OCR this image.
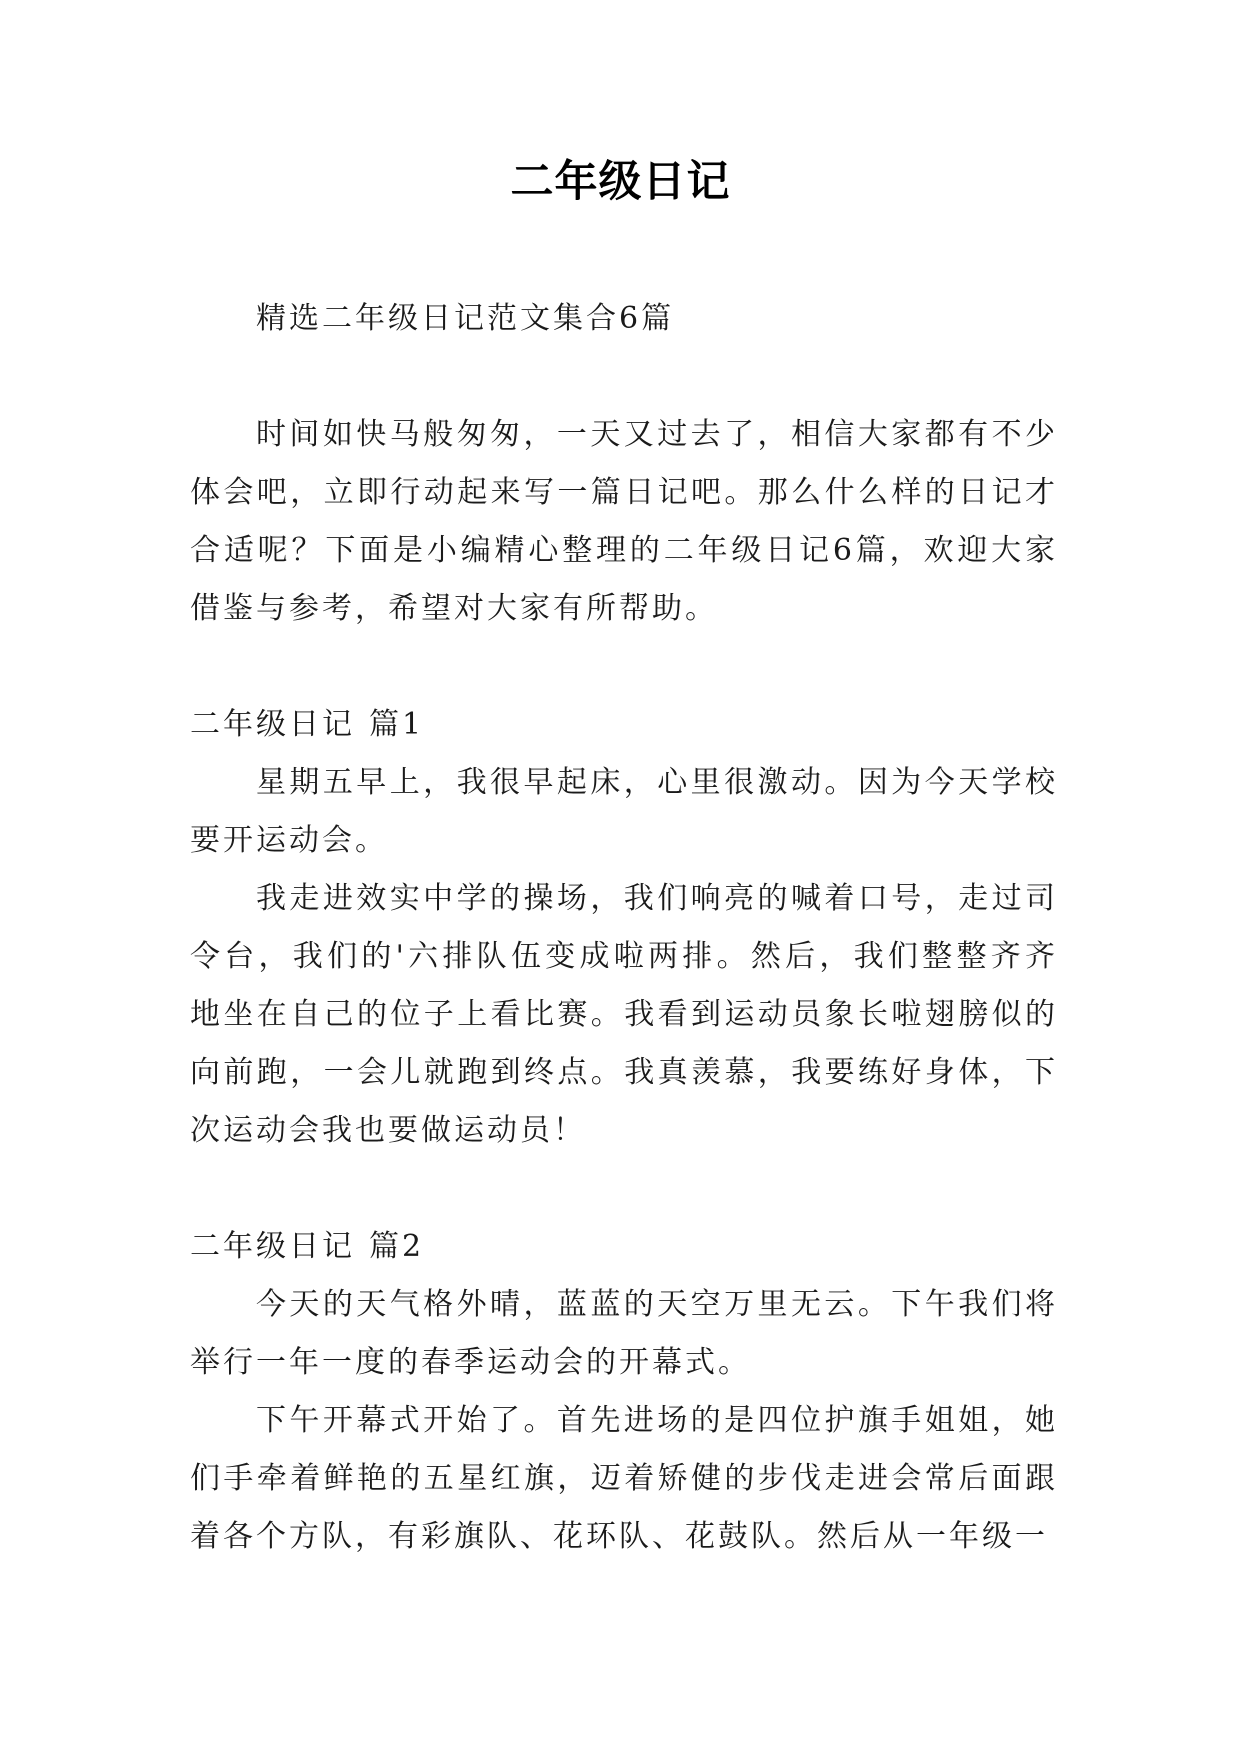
二年级日记

精选二年级日记范文集合6篇

时间如快马般匆匆，一天又过去了，相信大家都有不少体会吧，立即行动起来写一篇日记吧。那么什么样的日记才合适呢？下面是小编精心整理的二年级日记6篇，欢迎大家借鉴与参考，希望对大家有所帮助。

二年级日记 篇1

星期五早上，我很早起床，心里很激动。因为今天学校要开运动会。

我走进效实中学的操场，我们响亮的喊着口号，走过司令台，我们的'六排队伍变成啦两排。然后，我们整整齐齐地坐在自己的位子上看比赛。我看到运动员象长啦翅膀似的向前跑，一会儿就跑到终点。我真羡慕，我要练好身体，下次运动会我也要做运动员！

二年级日记 篇2

今天的天气格外晴，蓝蓝的天空万里无云。下午我们将举行一年一度的春季运动会的开幕式。

下午开幕式开始了。首先进场的是四位护旗手姐姐，她们手牵着鲜艳的五星红旗，迈着矫健的步伐走进会常后面跟着各个方队，有彩旗队、花环队、花鼓队。然后从一年级一
